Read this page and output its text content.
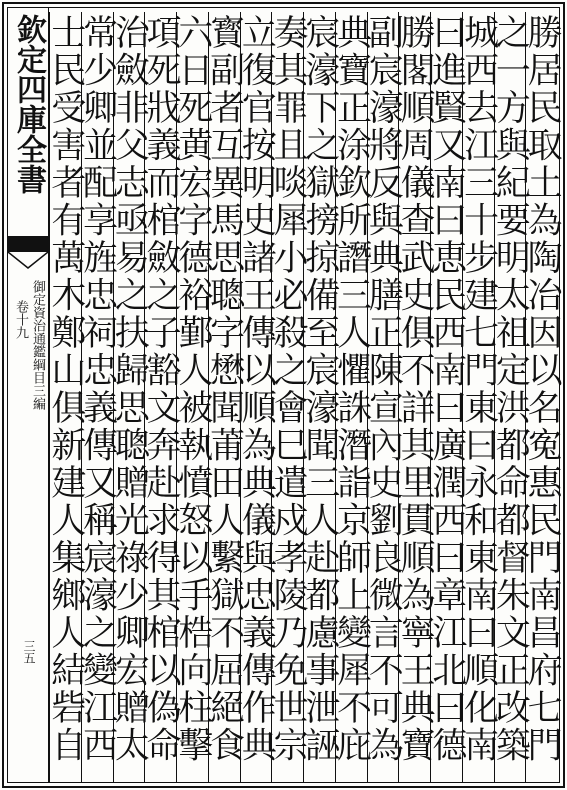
欽定四庫全書
御定資治通鑑綱目三編
卷十九
三五	勝居民取土為陶冶因以名寃惠民門南昌府七門
之一方與紀要明太祖定洪都命都督朱文正改築
城西去江三十步建七門東曰永和東南曰順化南
曰進賢又南曰恵民西南曰廣潤西曰章江北曰德
勝閣順周儀查武史俱不詳其里貫順為寧王典寶
副宸濠將反與典膳正陳宣內史劉良微言不可為
典寶正涂欽所譖三人懼誅潛詣京師上變犀不庇
宸濠下之獄搒掠備至宸濠聞三人赴都慮事泄誣
奏其罪且啖犀小必殺之會巳遣戍孝陵乃免世宗
立復官按明史諸王傳以順為典儀與忠義傳作典
寳副者互異馬思聰字懋聞莆田人繫獄不屈絕食
六日死黄宏字德裕鄞人被執憤怒以手梏向柱擊
項死戕義而棺斂之子豁文奔赴求得其棺以偽命
治斂非父志亟易之扶歸思聰贈光祿少卿宏贈太
常少卿並配享旌忠祠忠義傳又稱宸濠之變江西
士民受害者有萬木鄭山俱新建人集鄉人結砦自
